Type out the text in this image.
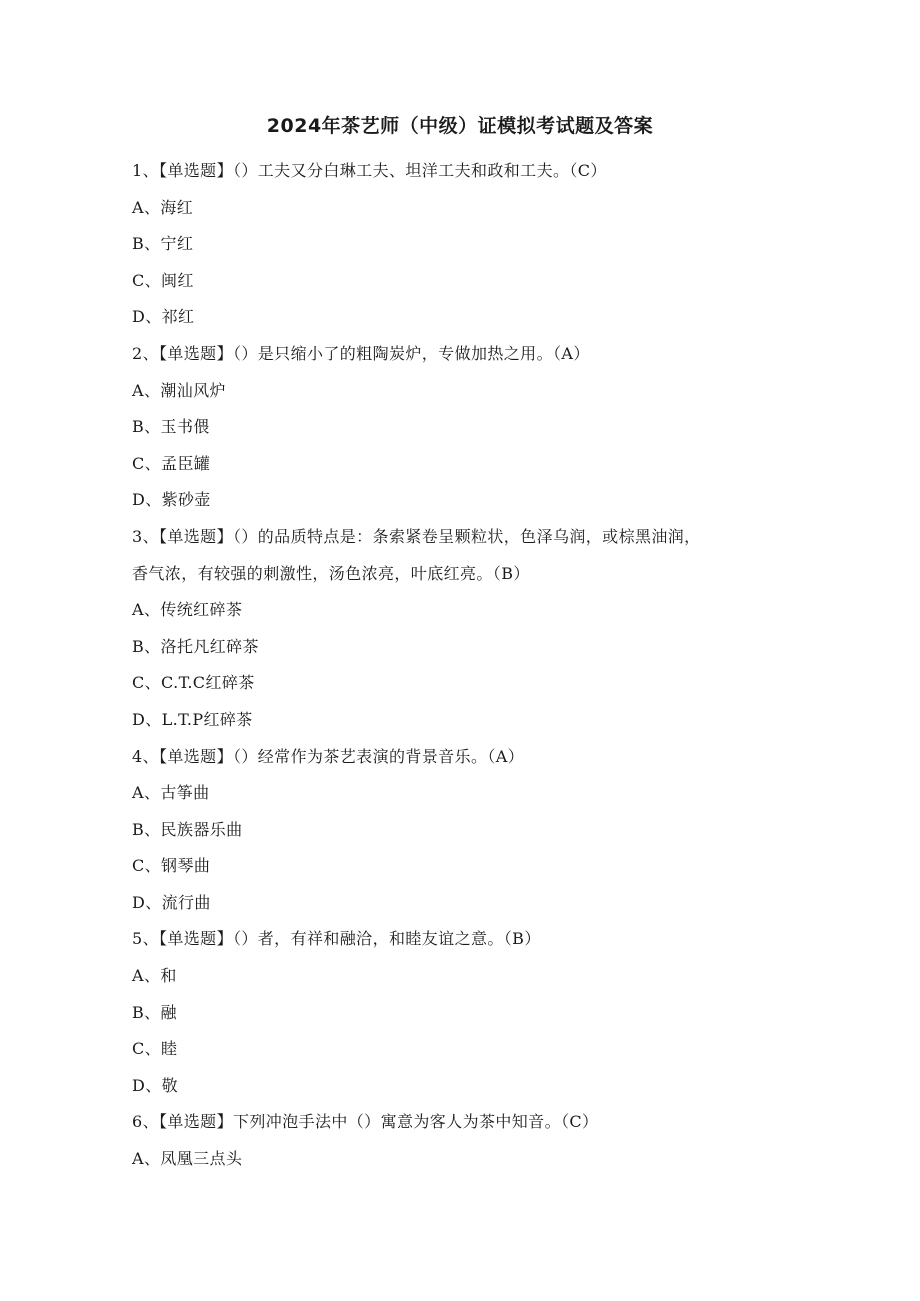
2024年茶艺师（中级）证模拟考试题及答案
1、【单选题】（）工夫又分白琳工夫、坦洋工夫和政和工夫。（C）
A、海红
B、宁红
C、闽红
D、祁红
2、【单选题】（）是只缩小了的粗陶炭炉，专做加热之用。（A）
A、潮汕风炉
B、玉书偎
C、孟臣罐
D、紫砂壶
3、【单选题】（）的品质特点是：条索紧卷呈颗粒状，色泽乌润，或棕黑油润，
香气浓，有较强的刺激性，汤色浓亮，叶底红亮。（B）
A、传统红碎茶
B、洛托凡红碎茶
C、C.T.C红碎茶
D、L.T.P红碎茶
4、【单选题】（）经常作为茶艺表演的背景音乐。（A）
A、古筝曲
B、民族器乐曲
C、钢琴曲
D、流行曲
5、【单选题】（）者，有祥和融洽，和睦友谊之意。（B）
A、和
B、融
C、睦
D、敬
6、【单选题】下列冲泡手法中（）寓意为客人为茶中知音。（C）
A、凤凰三点头
